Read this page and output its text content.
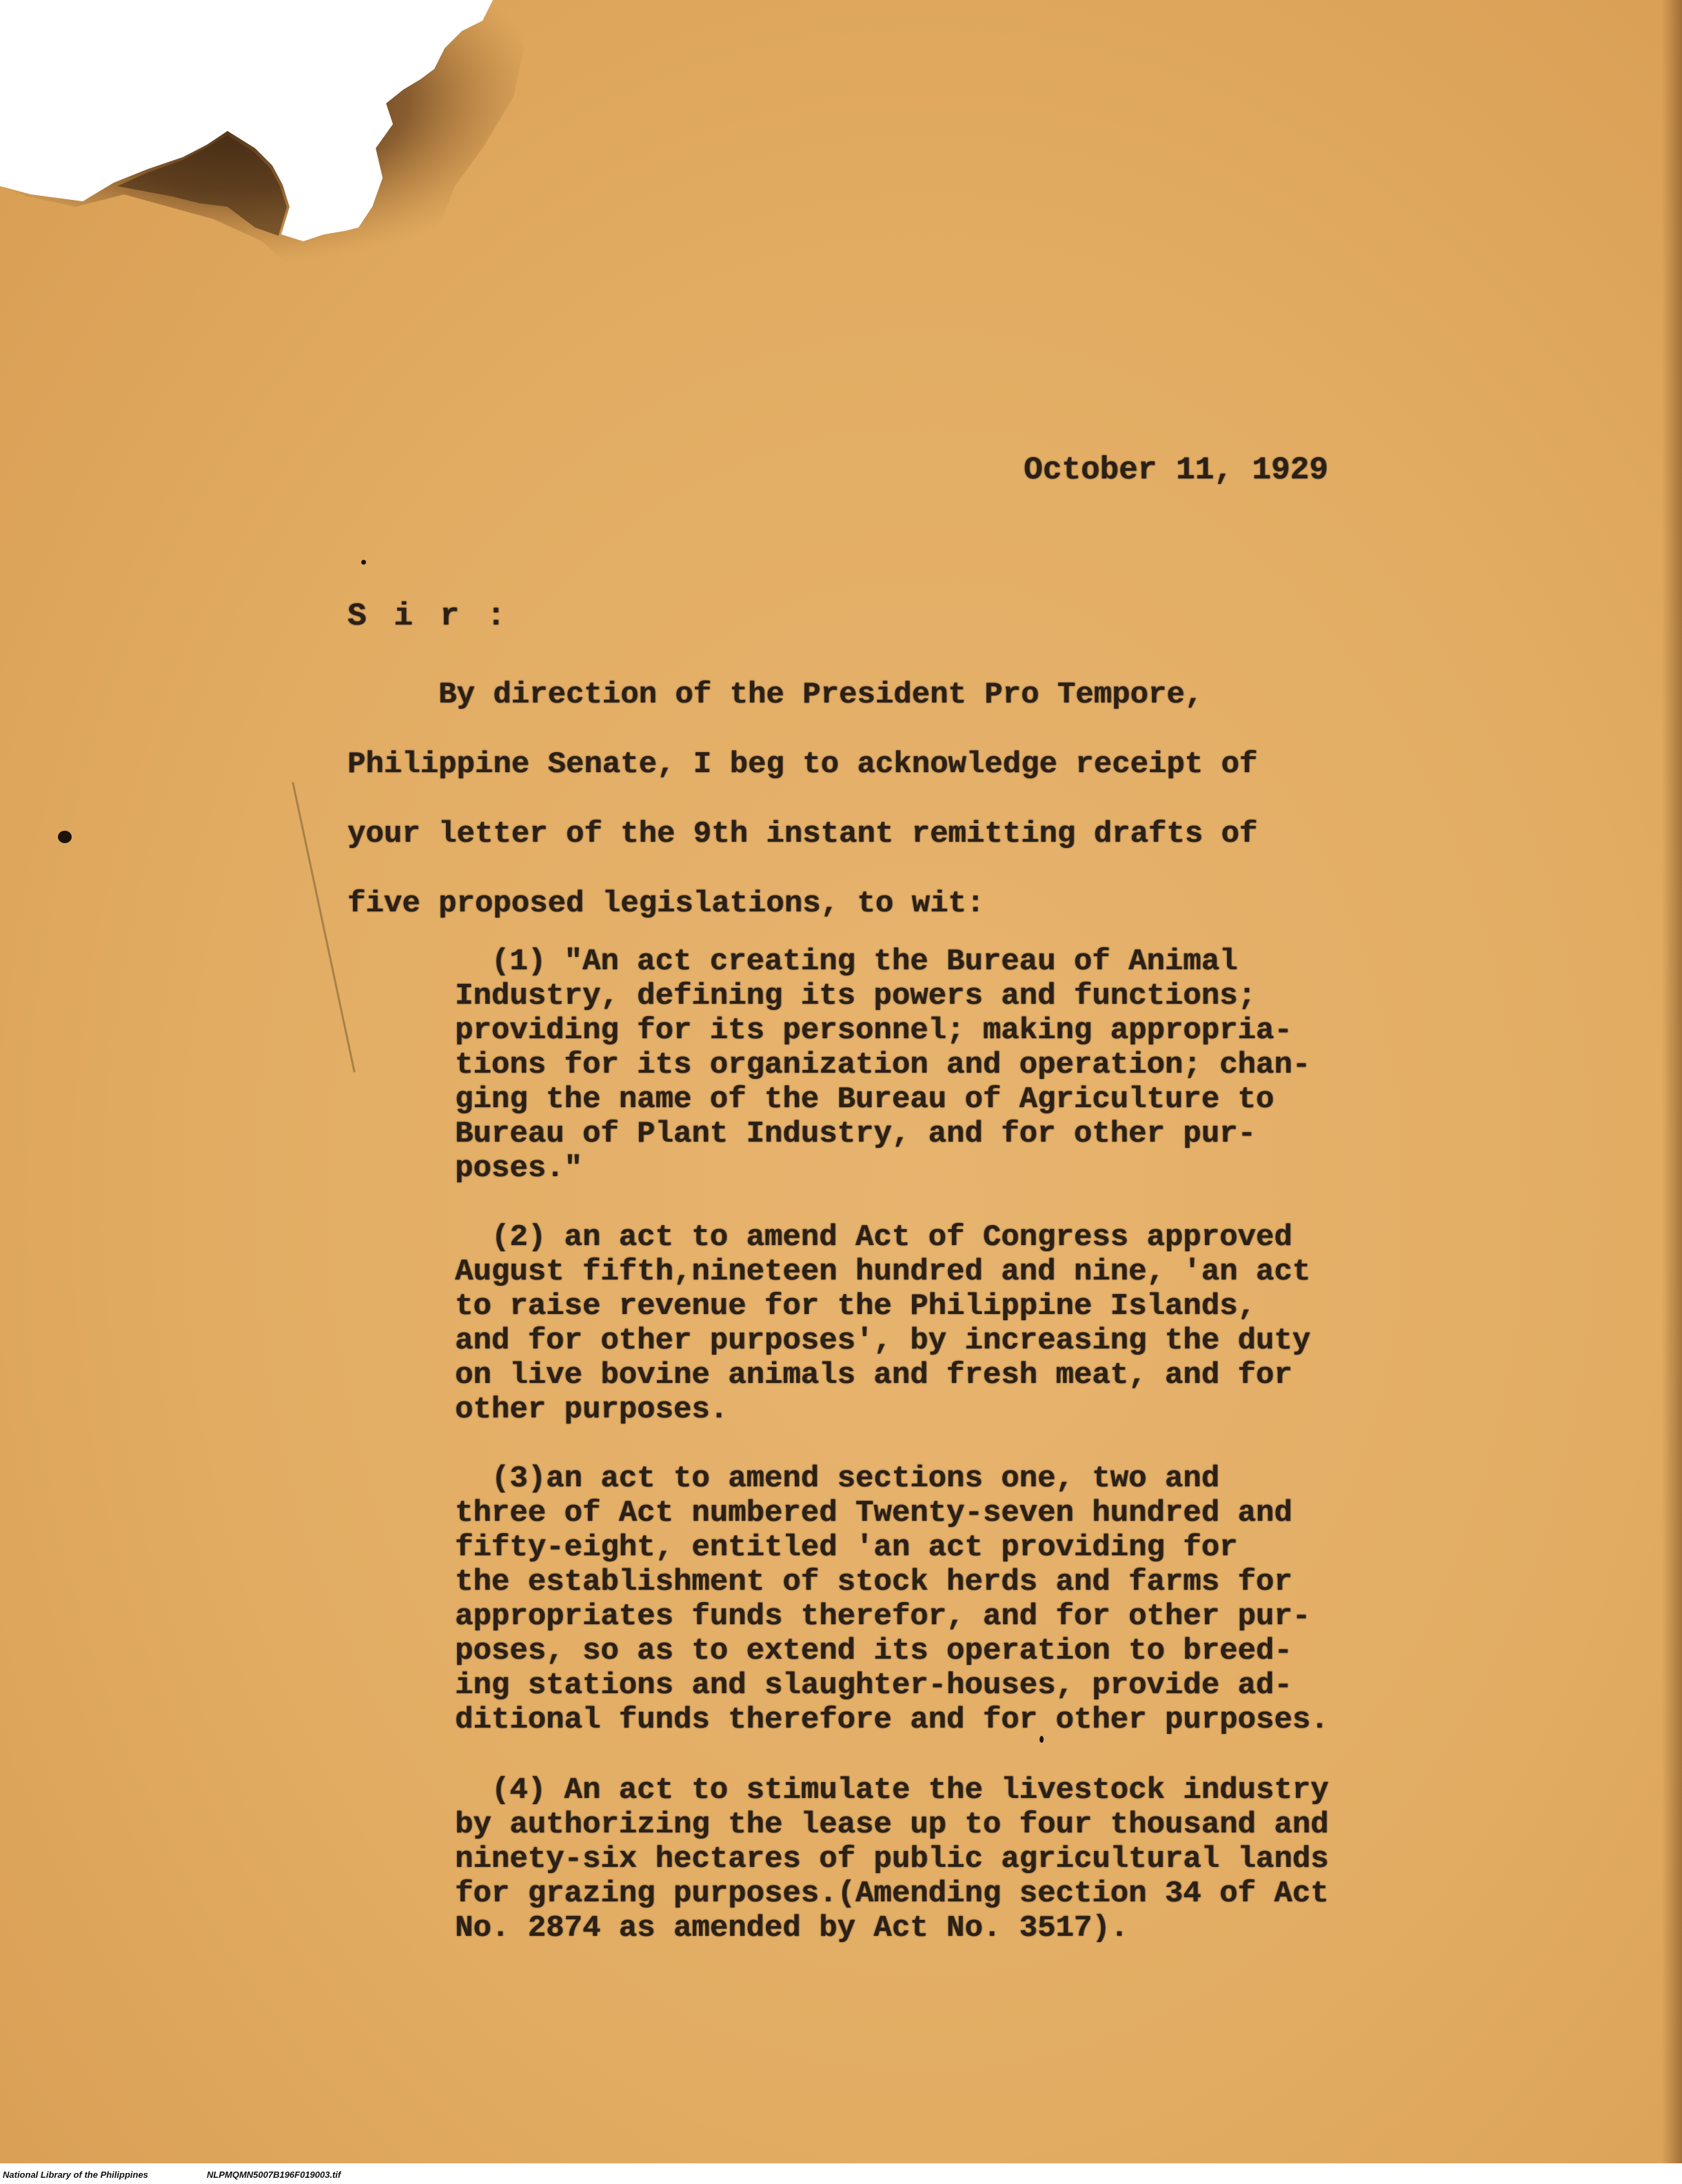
October 11, 1929

S i r :

By direction of the President Pro Tempore,
Philippine Senate, I beg to acknowledge receipt of
your letter of the 9th instant remitting drafts of
five proposed legislations, to wit:
(1) "An act creating the Bureau of Animal
Industry, defining its powers and functions;
providing for its personnel; making appropria-
tions for its organization and operation; chan-
ging the name of the Bureau of Agriculture to
Bureau of Plant Industry, and for other pur-
poses."
(2) an act to amend Act of Congress approved
August fifth,nineteen hundred and nine, 'an act
to raise revenue for the Philippine Islands,
and for other purposes', by increasing the duty
on live bovine animals and fresh meat, and for
other purposes.
(3)an act to amend sections one, two and
three of Act numbered Twenty-seven hundred and
fifty-eight, entitled 'an act providing for
the establishment of stock herds and farms for
appropriates funds therefor, and for other pur-
poses, so as to extend its operation to breed-
ing stations and slaughter-houses, provide ad-
ditional funds therefore and for other purposes.
(4) An act to stimulate the livestock industry
by authorizing the lease up to four thousand and
ninety-six hectares of public agricultural lands
for grazing purposes.(Amending section 34 of Act
No. 2874 as amended by Act No. 3517).
National Library of the Philippines	NLPMQMN5007B196F019003.tif
